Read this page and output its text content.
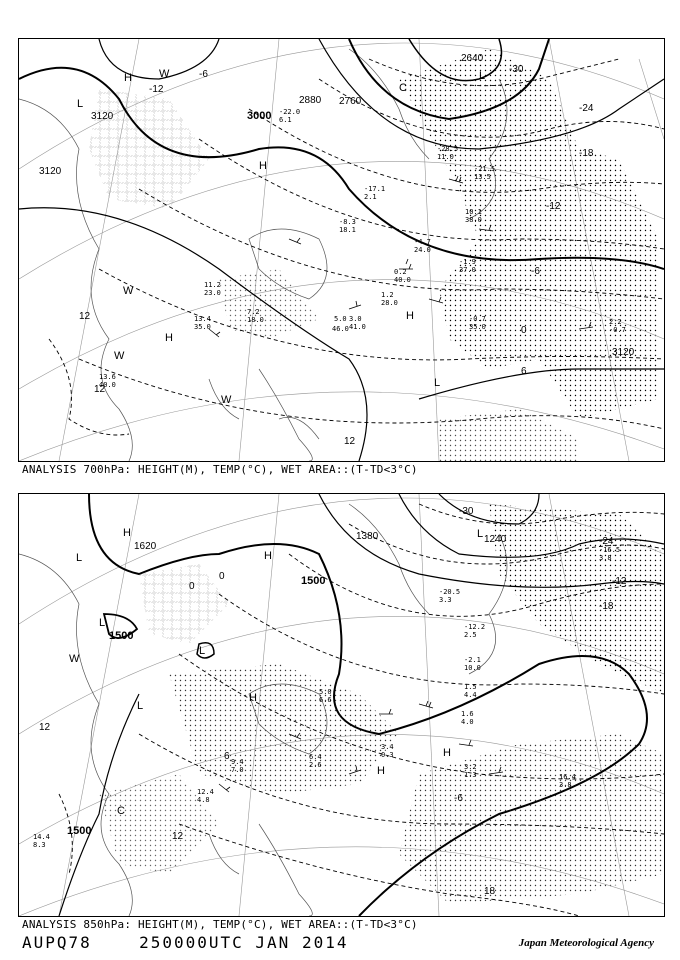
3120	3000
2880 2760
2640
3120
3120
-30
-24
-18
-12
-6
0
6
12
12
12
-6
-12
H
L
W
H
W
W
H
W
L
L
H
C
-28.5
11.0
-21.5
13.5
-17.1
2.1
-8.3
18.1
-4.7
24.0
-1.9
37.0
0.2
40.0
1.2
28.0
3.0
41.0
5.0
46.0
7.2
18.0
11.2
23.0
13.4
35.0
13.6
40.0
-0.7
35.0
2.2
-0.7
10.1
38.0
-22.0
6.1
ANALYSIS 700hPa: HEIGHT(M), TEMP(°C), WET AREA::(T-TD<3°C)
1620
1380	1240
1500
1500
1500
-30
-24
-18
-12
-6
0
6
12
12
18
0
H
L	H
L
W
L
H
L
H
H
C
L
-20.5
3.3
-12.2
2.5
-2.1
10.0
1.5
4.4
1.6
4.0
3.2
1.3
3.4
0.3
5.0
6.6
6.4
2.6
9.4
7.0
12.4
4.8
14.4
8.3
16.4
3.8
-16.5
3.8
ANALYSIS 850hPa: HEIGHT(M), TEMP(°C), WET AREA::(T-TD<3°C)
AUPQ78	250000UTC JAN 2014	Japan Meteorological Agency
